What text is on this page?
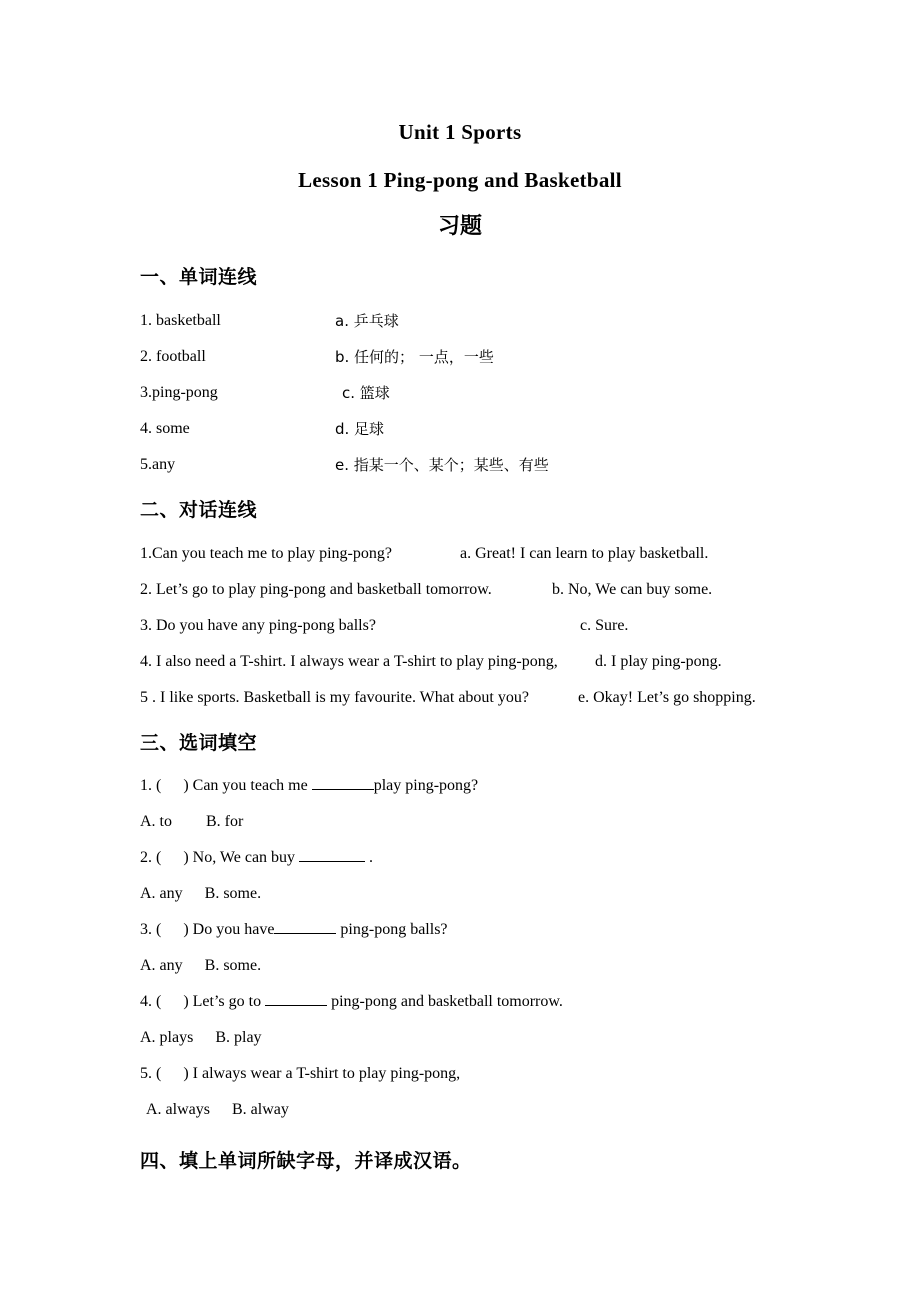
Unit 1 Sports
Lesson 1 Ping-pong and Basketball
习题
一、单词连线
1. basketball	a. 乒乓球
2. football	b. 任何的； 一点，一些
3.ping-pong	c. 篮球
4. some	d. 足球
5.any	e. 指某一个、某个；某些、有些
二、对话连线
1.Can you teach me to play ping-pong?	a. Great! I can learn to play basketball.
2. Let’s go to play ping-pong and basketball tomorrow.	b. No, We can buy some.
3. Do you have any ping-pong balls?	c. Sure.
4. I also need a T-shirt. I always wear a T-shirt to play ping-pong, d. I play ping-pong.
5 . I like sports. Basketball is my favourite. What about you?	e. Okay! Let’s go shopping.
三、选词填空
1. ( ) Can you teach me	play ping-pong?
A. to B. for
2. ( ) No, We can buy	.
A. any B. some.
3. ( ) Do you have	ping-pong balls?
A. any B. some.
4. ( ) Let’s go to	ping-pong and basketball tomorrow.
A. plays B. play
5. ( ) I always wear a T-shirt to play ping-pong,
A. always B. alway
四、填上单词所缺字母，并译成汉语。
